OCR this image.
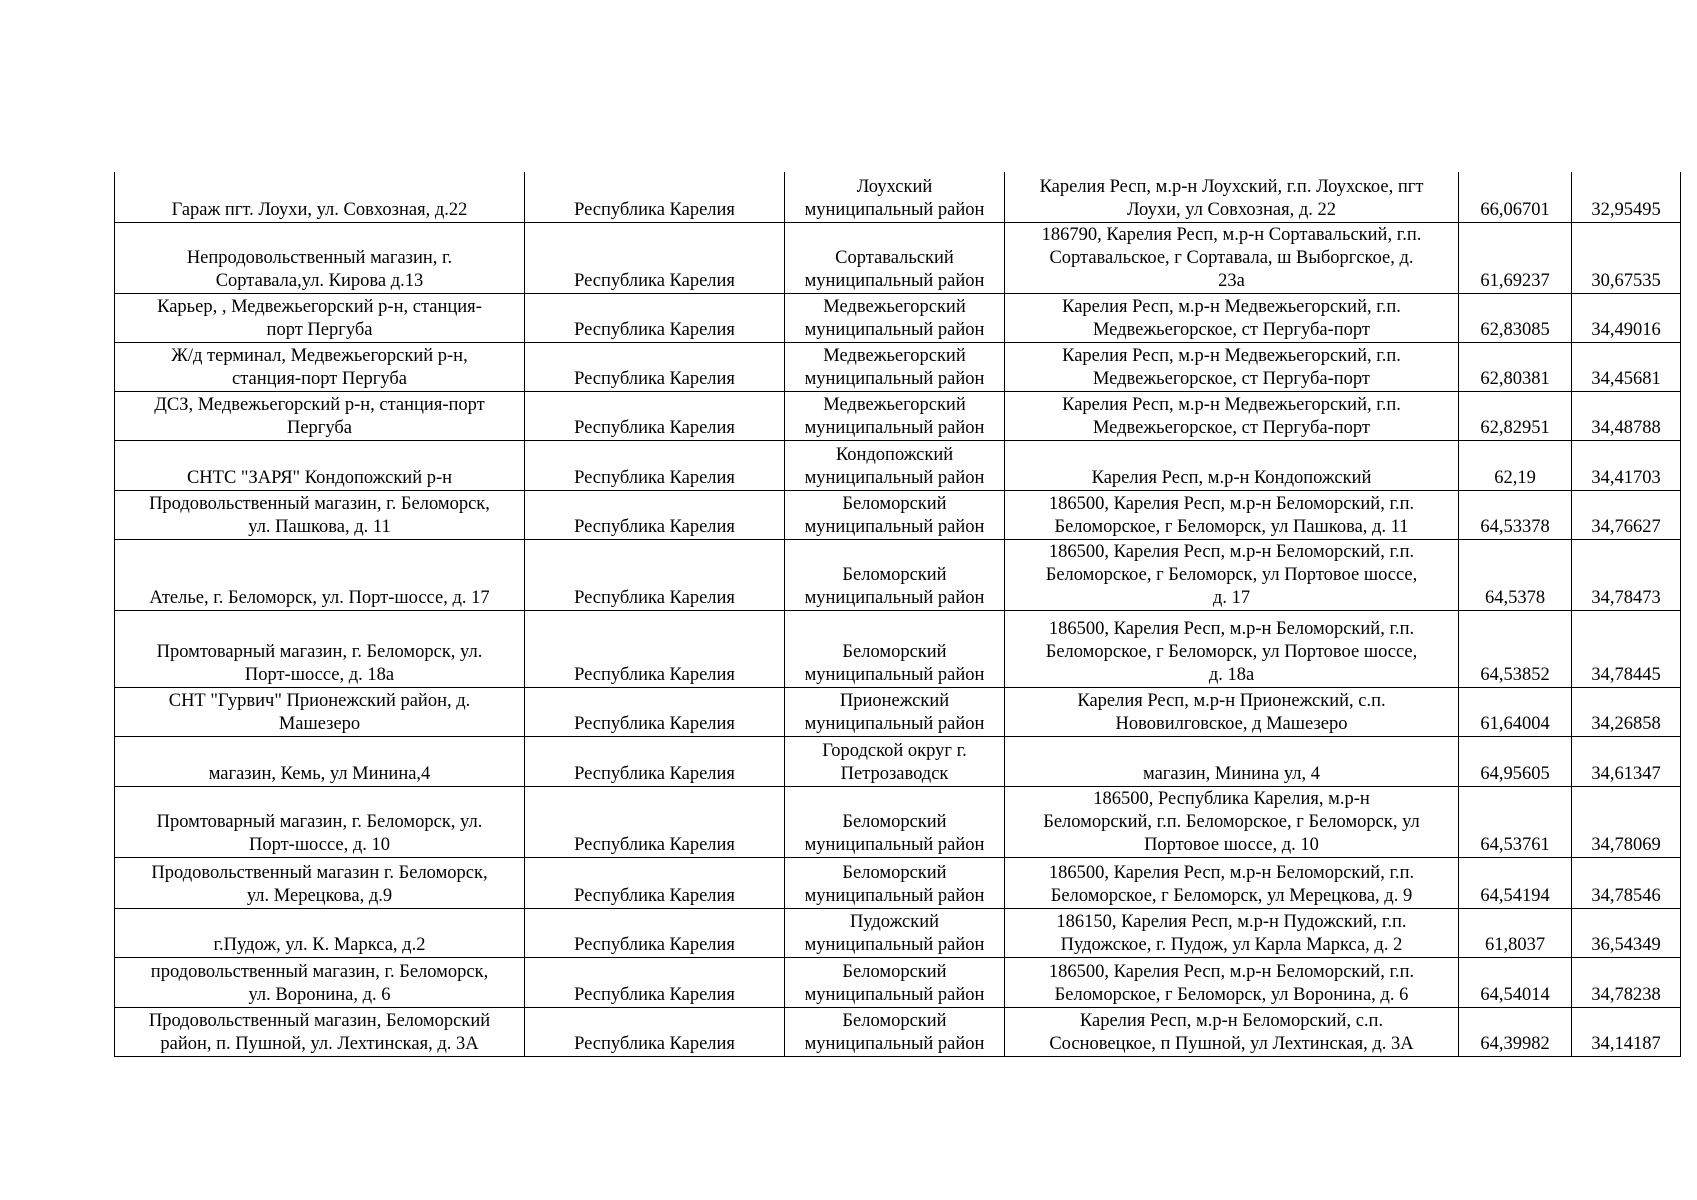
Гараж пгт. Лоухи, ул. Совхозная, д.22	Республика Карелия	Лоухский
муниципальный район	Карелия Респ, м.р-н Лоухский, г.п. Лоухское, пгт
Лоухи, ул Совхозная, д. 22	66,06701	32,95495

Непродовольственный магазин, г.
Сортавала,ул. Кирова д.13	Республика Карелия	Сортавальский
муниципальный район	186790, Карелия Респ, м.р-н Сортавальский, г.п.
Сортавальское, г Сортавала, ш Выборгское, д.
23а	61,69237	30,67535

Карьер, , Медвежьегорский р-н, станция-
порт Пергуба	Республика Карелия	Медвежьегорский
муниципальный район	Карелия Респ, м.р-н Медвежьегорский, г.п.
Медвежьегорское, ст Пергуба-порт	62,83085	34,49016

Ж/д терминал, Медвежьегорский р-н,
станция-порт Пергуба	Республика Карелия	Медвежьегорский
муниципальный район	Карелия Респ, м.р-н Медвежьегорский, г.п.
Медвежьегорское, ст Пергуба-порт	62,80381	34,45681

ДСЗ, Медвежьегорский р-н, станция-порт
Пергуба	Республика Карелия	Медвежьегорский
муниципальный район	Карелия Респ, м.р-н Медвежьегорский, г.п.
Медвежьегорское, ст Пергуба-порт	62,82951	34,48788

СНТС "ЗАРЯ" Кондопожский р-н	Республика Карелия	Кондопожский
муниципальный район	Карелия Респ, м.р-н Кондопожский	62,19	34,41703

Продовольственный магазин, г. Беломорск,
ул. Пашкова, д. 11	Республика Карелия	Беломорский
муниципальный район	186500, Карелия Респ, м.р-н Беломорский, г.п.
Беломорское, г Беломорск, ул Пашкова, д. 11	64,53378	34,76627

Ателье, г. Беломорск, ул. Порт-шоссе, д. 17	Республика Карелия	Беломорский
муниципальный район	186500, Карелия Респ, м.р-н Беломорский, г.п.
Беломорское, г Беломорск, ул Портовое шоссе,
д. 17	64,5378	34,78473

Промтоварный магазин, г. Беломорск, ул.
Порт-шоссе, д. 18а	Республика Карелия	Беломорский
муниципальный район	186500, Карелия Респ, м.р-н Беломорский, г.п.
Беломорское, г Беломорск, ул Портовое шоссе,
д. 18а	64,53852	34,78445

СНТ "Гурвич" Прионежский район, д.
Машезеро	Республика Карелия	Прионежский
муниципальный район	Карелия Респ, м.р-н Прионежский, с.п.
Нововилговское, д Машезеро	61,64004	34,26858

магазин, Кемь, ул Минина,4	Республика Карелия	Городской округ г.
Петрозаводск	магазин, Минина ул, 4	64,95605	34,61347

Промтоварный магазин, г. Беломорск, ул.
Порт-шоссе, д. 10	Республика Карелия	Беломорский
муниципальный район	186500, Республика Карелия, м.р-н
Беломорский, г.п. Беломорское, г Беломорск, ул
Портовое шоссе, д. 10	64,53761	34,78069

Продовольственный магазин г. Беломорск,
ул. Мерецкова, д.9	Республика Карелия	Беломорский
муниципальный район	186500, Карелия Респ, м.р-н Беломорский, г.п.
Беломорское, г Беломорск, ул Мерецкова, д. 9	64,54194	34,78546

г.Пудож, ул. К. Маркса, д.2	Республика Карелия	Пудожский
муниципальный район	186150, Карелия Респ, м.р-н Пудожский, г.п.
Пудожское, г. Пудож, ул Карла Маркса, д. 2	61,8037	36,54349

продовольственный магазин, г. Беломорск,
ул. Воронина, д. 6	Республика Карелия	Беломорский
муниципальный район	186500, Карелия Респ, м.р-н Беломорский, г.п.
Беломорское, г Беломорск, ул Воронина, д. 6	64,54014	34,78238

Продовольственный магазин, Беломорский
район, п. Пушной, ул. Лехтинская, д. 3А	Республика Карелия	Беломорский
муниципальный район	Карелия Респ, м.р-н Беломорский, с.п.
Сосновецкое, п Пушной, ул Лехтинская, д. 3А	64,39982	34,14187
